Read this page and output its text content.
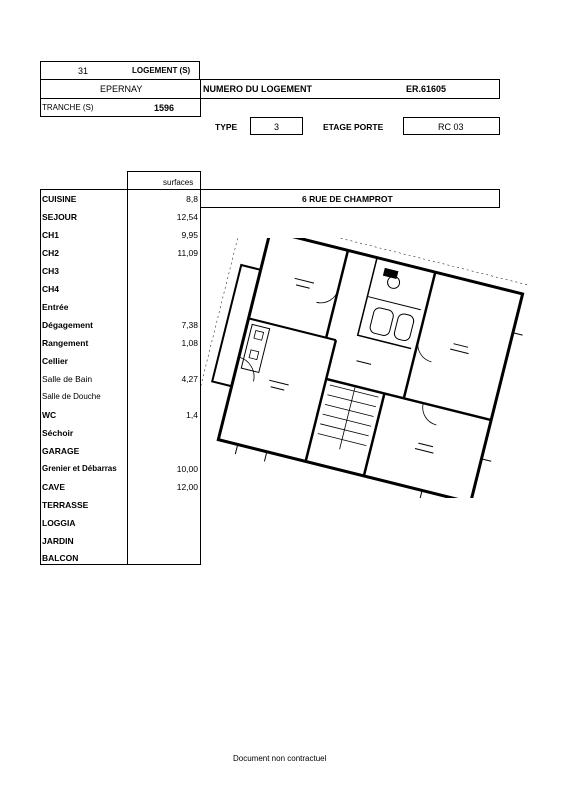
31	LOGEMENT (S)
EPERNAY	NUMERO DU LOGEMENT	ER.61605
TRANCHE (S)	1596
TYPE	3	ETAGE PORTE	RC 03
surfaces
6 RUE DE CHAMPROT
CUISINE	8,8
SEJOUR	12,54
CH1	9,95
CH2	11,09
CH3
CH4
Entrée
Dégagement	7,38
Rangement	1,08
Cellier
Salle de Bain	4,27
Salle de Douche
WC	1,4
Séchoir
GARAGE
Grenier et Débarras	10,00
CAVE	12,00
TERRASSE
LOGGIA
JARDIN
BALCON
Document non contractuel
